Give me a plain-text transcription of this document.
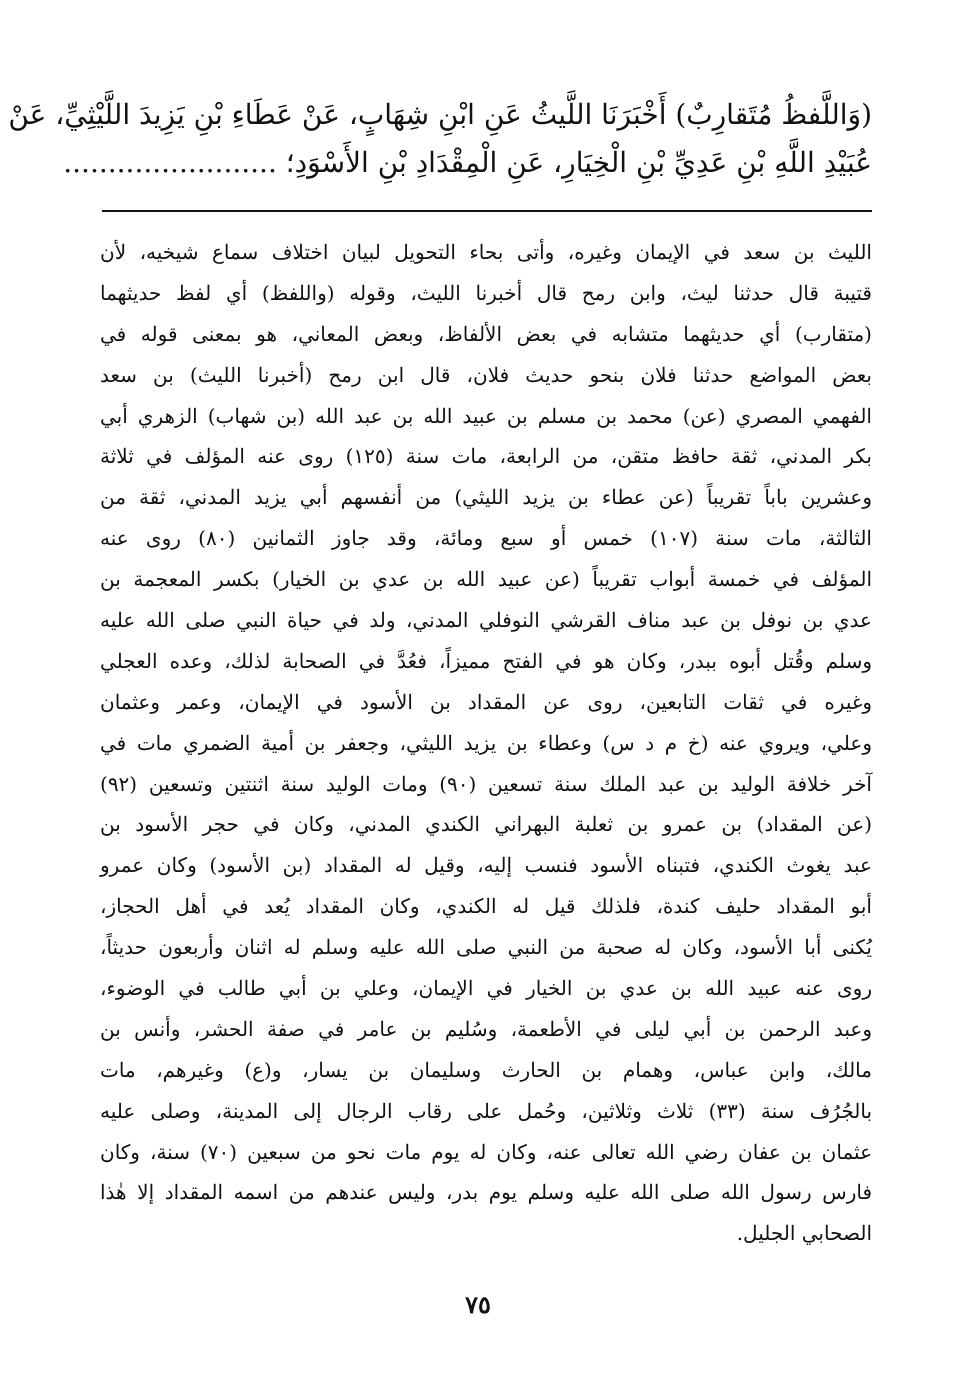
(وَاللَّفظُ مُتَقارِبٌ) أَخْبَرَنَا اللَّيثُ عَنِ ابْنِ شِهَابٍ، عَنْ عَطَاءِ بْنِ يَزِيدَ اللَّيْثِيِّ، عَنْ
عُبَيْدِ اللَّهِ بْنِ عَدِيِّ بْنِ الْخِيَارِ، عَنِ الْمِقْدَادِ بْنِ الأَسْوَدِ؛ ........................
الليث بن سعد في الإيمان وغيره، وأتى بحاء التحويل لبيان اختلاف سماع شيخيه، لأن
قتيبة قال حدثنا ليث، وابن رمح قال أخبرنا الليث، وقوله (واللفظ) أي لفظ حديثهما
(متقارب) أي حديثهما متشابه في بعض الألفاظ، وبعض المعاني، هو بمعنى قوله في
بعض المواضع حدثنا فلان بنحو حديث فلان، قال ابن رمح (أخبرنا الليث) بن سعد
الفهمي المصري (عن) محمد بن مسلم بن عبيد الله بن عبد الله (بن شهاب) الزهري أبي
بكر المدني، ثقة حافظ متقن، من الرابعة، مات سنة (١٢٥) روى عنه المؤلف في ثلاثة
وعشرين باباً تقريباً (عن عطاء بن يزيد الليثي) من أنفسهم أبي يزيد المدني، ثقة من
الثالثة، مات سنة (١٠٧) خمس أو سبع ومائة، وقد جاوز الثمانين (٨٠) روى عنه
المؤلف في خمسة أبواب تقريباً (عن عبيد الله بن عدي بن الخيار) بكسر المعجمة بن
عدي بن نوفل بن عبد مناف القرشي النوفلي المدني، ولد في حياة النبي صلى الله عليه
وسلم وقُتل أبوه ببدر، وكان هو في الفتح مميزاً، فعُدَّ في الصحابة لذلك، وعده العجلي
وغيره في ثقات التابعين، روى عن المقداد بن الأسود في الإيمان، وعمر وعثمان
وعلي، ويروي عنه (خ م د س) وعطاء بن يزيد الليثي، وجعفر بن أمية الضمري مات في
آخر خلافة الوليد بن عبد الملك سنة تسعين (٩٠) ومات الوليد سنة اثنتين وتسعين (٩٢)
(عن المقداد) بن عمرو بن ثعلبة البهراني الكندي المدني، وكان في حجر الأسود بن
عبد يغوث الكندي، فتبناه الأسود فنسب إليه، وقيل له المقداد (بن الأسود) وكان عمرو
أبو المقداد حليف كندة، فلذلك قيل له الكندي، وكان المقداد يُعد في أهل الحجاز،
يُكنى أبا الأسود، وكان له صحبة من النبي صلى الله عليه وسلم له اثنان وأربعون حديثاً،
روى عنه عبيد الله بن عدي بن الخيار في الإيمان، وعلي بن أبي طالب في الوضوء،
وعبد الرحمن بن أبي ليلى في الأطعمة، وسُليم بن عامر في صفة الحشر، وأنس بن
مالك، وابن عباس، وهمام بن الحارث وسليمان بن يسار، و(ع) وغيرهم، مات
بالجُرُف سنة (٣٣) ثلاث وثلاثين، وحُمل على رقاب الرجال إلى المدينة، وصلى عليه
عثمان بن عفان رضي الله تعالى عنه، وكان له يوم مات نحو من سبعين (٧٠) سنة، وكان
فارس رسول الله صلى الله عليه وسلم يوم بدر، وليس عندهم من اسمه المقداد إلا هٰذا
الصحابي الجليل.
٧٥
